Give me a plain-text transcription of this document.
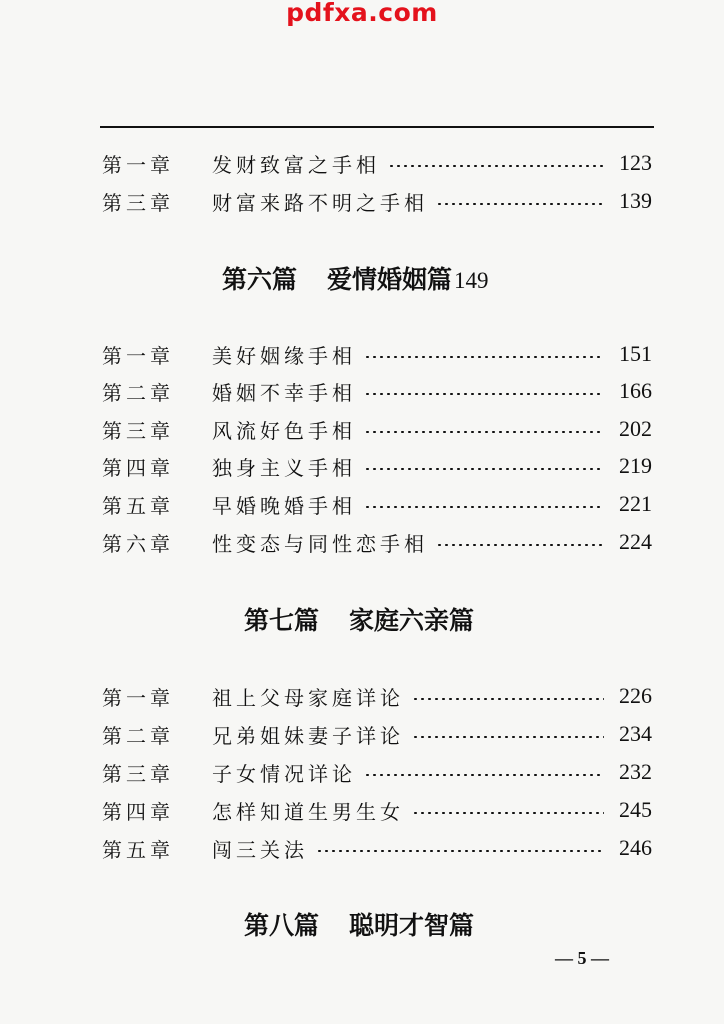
pdfxa.com
第一章	发财致富之手相	123
第三章	财富来路不明之手相	139
第六篇 爱情婚姻篇 149
第一章	美好姻缘手相	151
第二章	婚姻不幸手相	166
第三章	风流好色手相	202
第四章	独身主义手相	219
第五章	早婚晚婚手相	221
第六章	性变态与同性恋手相	224
第七篇 家庭六亲篇
第一章	祖上父母家庭详论	226
第二章	兄弟姐妹妻子详论	234
第三章	子女情况详论	232
第四章	怎样知道生男生女	245
第五章	闯三关法	246
第八篇 聪明才智篇
— 5 —
